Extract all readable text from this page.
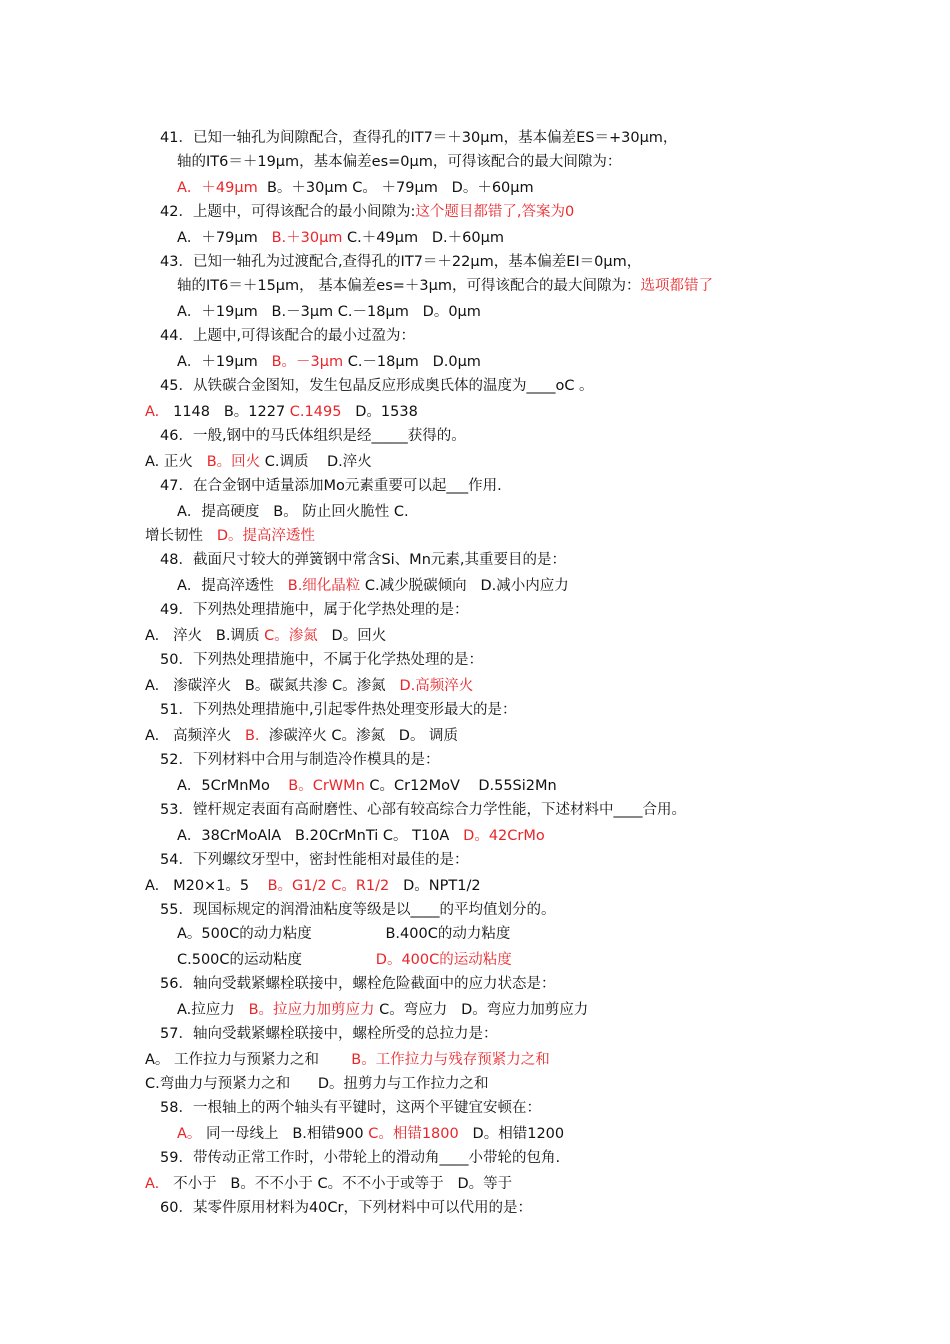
41．已知一轴孔为间隙配合，查得孔的IT7＝＋30μm，基本偏差ES＝+30μm，
轴的IT6＝＋19μm，基本偏差es=0μm，可得该配合的最大间隙为：
A．＋49μm  B。＋30μm C。 ＋79μm   D。＋60μm
42．上题中，可得该配合的最小间隙为:这个题目都错了,答案为0
A．＋79μm   B.＋30μm C.＋49μm   D.＋60μm
43．已知一轴孔为过渡配合,查得孔的IT7＝＋22μm，基本偏差EI＝0μm，
轴的IT6＝＋15μm， 基本偏差es=＋3μm，可得该配合的最大间隙为：选项都错了
A．＋19μm   B.－3μm C.－18μm   D。0μm
44．上题中,可得该配合的最小过盈为：
A．＋19μm   B。－3μm C.－18μm   D.0μm
45．从铁碳合金图知，发生包晶反应形成奥氏体的温度为____oC 。
A.   1148   B。1227 C.1495   D。1538
46．一般,钢中的马氏体组织是经_____获得的。
A. 正火   B。回火 C.调质    D.淬火
47．在合金钢中适量添加Mo元素重要可以起___作用.
A．提高硬度   B。 防止回火脆性 C.
增长韧性   D。提高淬透性
48．截面尺寸较大的弹簧钢中常含Si、Mn元素,其重要目的是：
A．提高淬透性   B.细化晶粒 C.减少脱碳倾向   D.减小内应力
49．下列热处理措施中，属于化学热处理的是：
A.   淬火   B.调质 C。渗氮   D。回火
50．下列热处理措施中，不属于化学热处理的是：
A.   渗碳淬火   B。碳氮共渗 C。渗氮   D.高频淬火
51．下列热处理措施中,引起零件热处理变形最大的是：
A.   高频淬火   B.  渗碳淬火 C。渗氮   D。 调质
52．下列材料中合用与制造冷作模具的是：
A．5CrMnMo    B。CrWMn C。Cr12MoV    D.55Si2Mn
53．镗杆规定表面有高耐磨性、心部有较高综合力学性能，下述材料中____合用。
A．38CrMoAlA   B.20CrMnTi C。 T10A   D。42CrMo
54．下列螺纹牙型中，密封性能相对最佳的是：
A.   M20×1。5    B。G1/2 C。R1/2   D。NPT1/2
55．现国标规定的润滑油粘度等级是以____的平均值划分的。
A。500C的动力粘度                B.400C的动力粘度
C.500C的运动粘度                D。400C的运动粘度
56．轴向受载紧螺栓联接中，螺栓危险截面中的应力状态是：
A.拉应力   B。拉应力加剪应力 C。弯应力   D。弯应力加剪应力
57．轴向受载紧螺栓联接中，螺栓所受的总拉力是：
A。 工作拉力与预紧力之和       B。工作拉力与残存预紧力之和
C.弯曲力与预紧力之和      D。扭剪力与工作拉力之和
58．一根轴上的两个轴头有平键时，这两个平键宜安顿在：
A。 同一母线上   B.相错900 C。相错1800   D。相错1200
59．带传动正常工作时，小带轮上的滑动角____小带轮的包角.
A.   不小于   B。不不小于 C。不不小于或等于   D。等于
60．某零件原用材料为40Cr，下列材料中可以代用的是：
